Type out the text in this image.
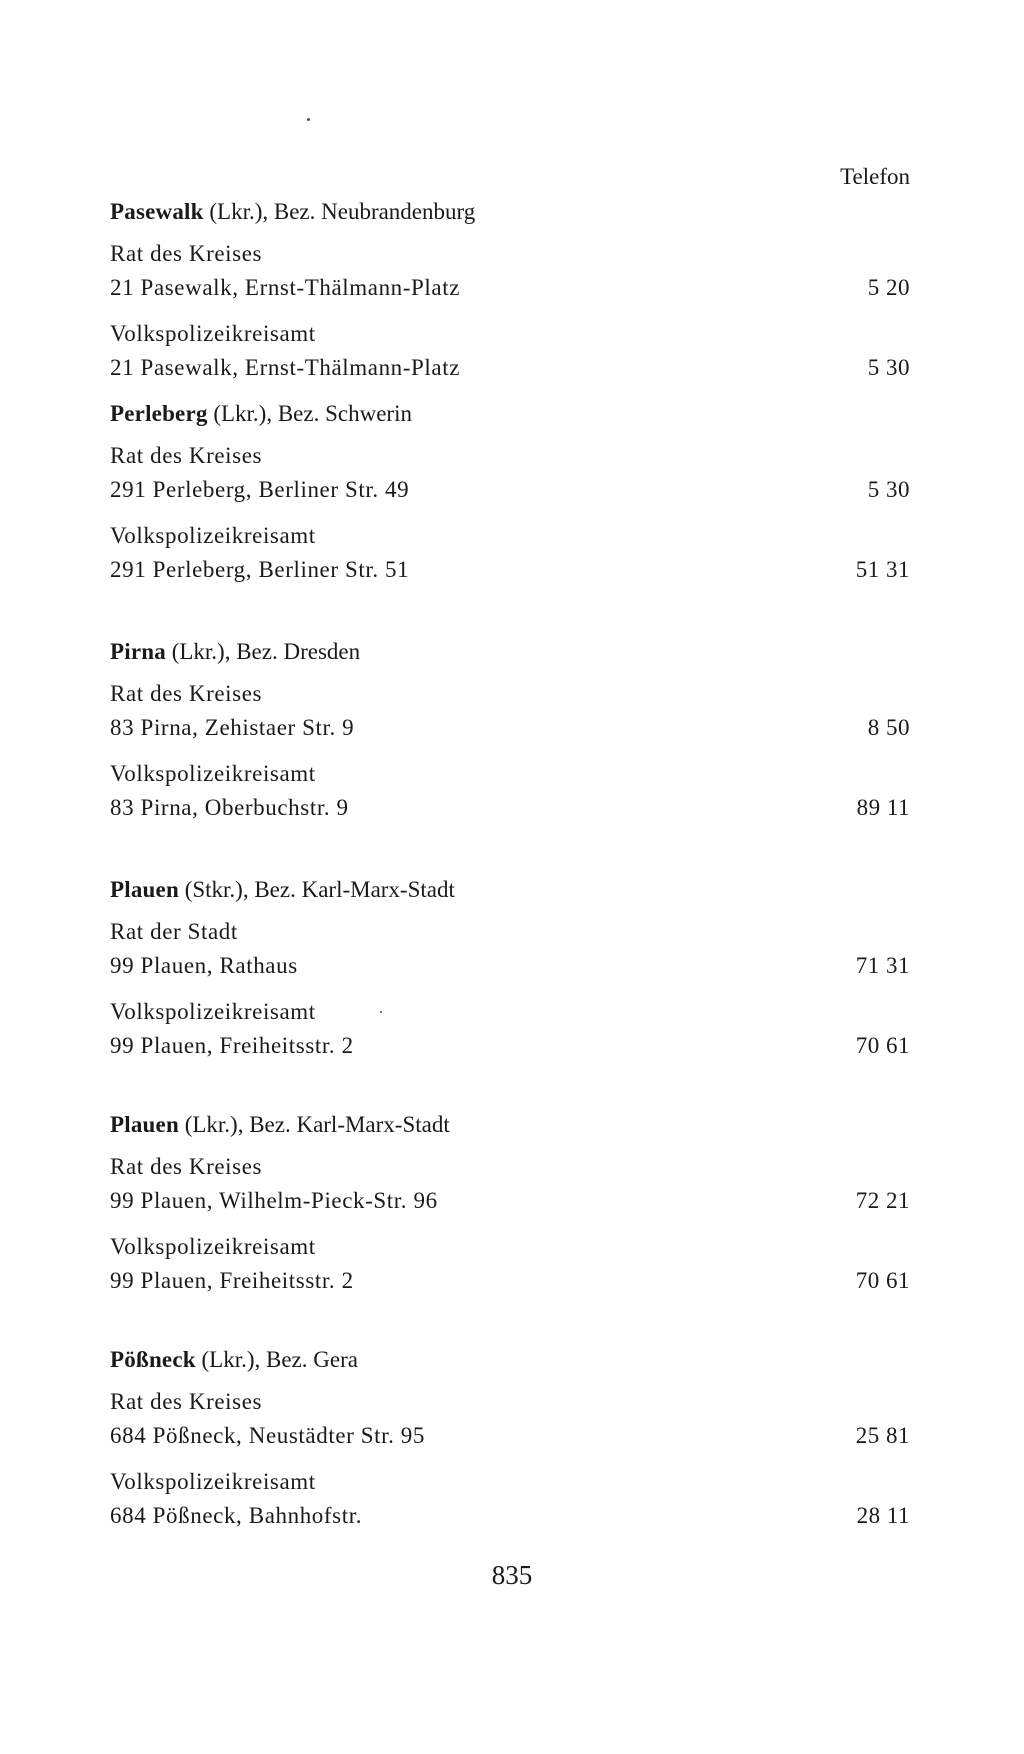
Telefon
Pasewalk (Lkr.), Bez. Neubrandenburg
Rat des Kreises
21 Pasewalk, Ernst-Thälmann-Platz	5 20
Volkspolizeikreisamt
21 Pasewalk, Ernst-Thälmann-Platz	5 30
Perleberg (Lkr.), Bez. Schwerin
Rat des Kreises
291 Perleberg, Berliner Str. 49	5 30
Volkspolizeikreisamt
291 Perleberg, Berliner Str. 51	51 31
Pirna (Lkr.), Bez. Dresden
Rat des Kreises
83 Pirna, Zehistaer Str. 9	8 50
Volkspolizeikreisamt
83 Pirna, Oberbuchstr. 9	89 11
Plauen (Stkr.), Bez. Karl-Marx-Stadt
Rat der Stadt
99 Plauen, Rathaus	71 31
Volkspolizeikreisamt
99 Plauen, Freiheitsstr. 2	70 61
Plauen (Lkr.), Bez. Karl-Marx-Stadt
Rat des Kreises
99 Plauen, Wilhelm-Pieck-Str. 96	72 21
Volkspolizeikreisamt
99 Plauen, Freiheitsstr. 2	70 61
Pößneck (Lkr.), Bez. Gera
Rat des Kreises
684 Pößneck, Neustädter Str. 95	25 81
Volkspolizeikreisamt
684 Pößneck, Bahnhofstr.	28 11
835
